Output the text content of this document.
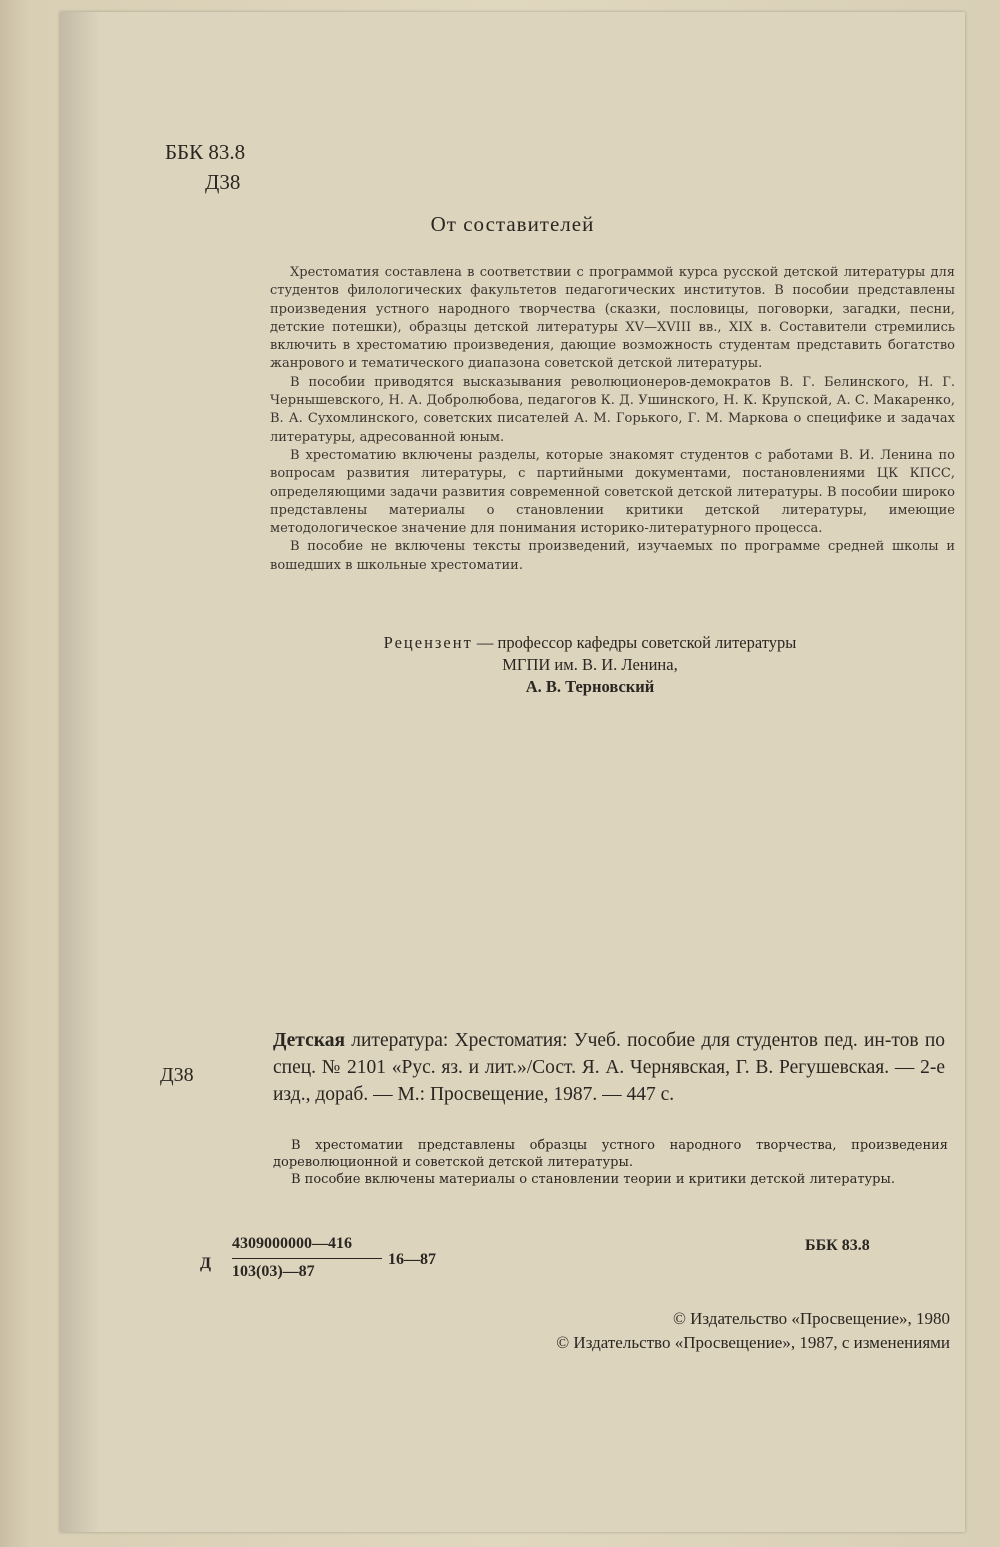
ББК 83.8
Д38
От составителей

Хрестоматия составлена в соответствии с программой курса русской детской литературы для студентов филологических факультетов педагогических институтов. В пособии представлены произведения устного народного творчества (сказки, пословицы, поговорки, загадки, песни, детские потешки), образцы детской литературы XV—XVIII вв., XIX в. Составители стремились включить в хрестоматию произведения, дающие возможность студентам представить богатство жанрового и тематического диапазона советской детской литературы.

В пособии приводятся высказывания революционеров-демократов В. Г. Белинского, Н. Г. Чернышевского, Н. А. Добролюбова, педагогов К. Д. Ушинского, Н. К. Крупской, А. С. Макаренко, В. А. Сухомлинского, советских писателей А. М. Горького, Г. М. Маркова о специфике и задачах литературы, адресованной юным.

В хрестоматию включены разделы, которые знакомят студентов с работами В. И. Ленина по вопросам развития литературы, с партийными документами, постановлениями ЦК КПСС, определяющими задачи развития современной советской детской литературы. В пособии широко представлены материалы о становлении критики детской литературы, имеющие методологическое значение для понимания историко-литературного процесса.

В пособие не включены тексты произведений, изучаемых по программе средней школы и вошедших в школьные хрестоматии.

Рецензент — профессор кафедры советской литературы
МГПИ им. В. И. Ленина,
А. В. Терновский
Д38
Детская литература: Хрестоматия: Учеб. пособие для студентов пед. ин-тов по спец. № 2101 «Рус. яз. и лит.»/Сост. Я. А. Чернявская, Г. В. Регушевская. — 2-е изд., дораб. — М.: Просвещение, 1987. — 447 с.

В хрестоматии представлены образцы устного народного творчества, произведения дореволюционной и советской детской литературы.

В пособие включены материалы о становлении теории и критики детской литературы.

Д
4309000000—416
103(03)—87
16—87
ББК 83.8
© Издательство «Просвещение», 1980
© Издательство «Просвещение», 1987, с изменениями
